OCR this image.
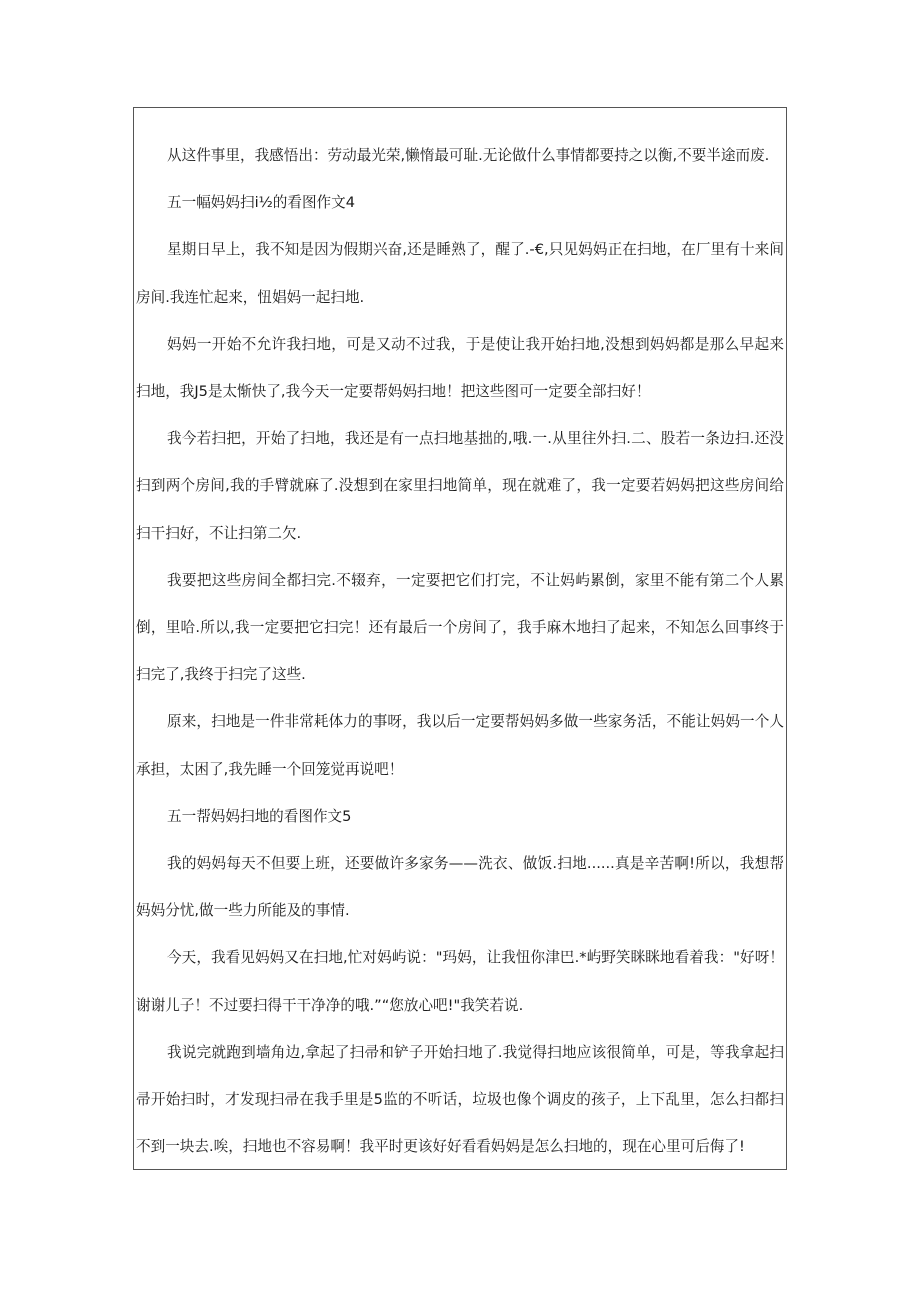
从这件事里，我感悟出：劳动最光荣,懒惰最可耻.无论做什么事情都要持之以衡,不要半途而废.

五一幅妈妈扫i½的看图作文4

星期日早上，我不知是因为假期兴奋,还是睡熟了，醒了.-€,只见妈妈正在扫地，在厂里有十来间房间.我连忙起来，忸娼妈一起扫地.

妈妈一开始不允许我扫地，可是又动不过我，于是使让我开始扫地,没想到妈妈都是那么早起来扫地，我J5是太惭快了,我今天一定要帮妈妈扫地！把这些图可一定要全部扫好！

我今若扫把，开始了扫地，我还是有一点扫地基拙的,哦.一.从里往外扫.二、股若一条边扫.还没扫到两个房间,我的手臂就麻了.没想到在家里扫地简单，现在就难了，我一定要若妈妈把这些房间给扫干扫好，不让扫第二欠.

我要把这些房间全都扫完.不辍弃，一定要把它们打完，不让妈屿累倒，家里不能有第二个人累倒，里哈.所以,我一定要把它扫完！还有最后一个房间了，我手麻木地扫了起来，不知怎么回事终于扫完了,我终于扫完了这些.

原来，扫地是一件非常耗体力的事呀，我以后一定要帮妈妈多做一些家务活，不能让妈妈一个人承担，太困了,我先睡一个回笼觉再说吧！

五一帮妈妈扫地的看图作文5

我的妈妈每天不但要上班，还要做许多家务——洗衣、做饭.扫地......真是辛苦啊!所以，我想帮妈妈分忧,做一些力所能及的事情.

今天，我看见妈妈又在扫地,忙对妈屿说："玛妈，让我忸你津巴.*屿野笑眯眯地看着我："好呀！谢谢儿子！不过要扫得干干净净的哦.”“您放心吧!"我笑若说.

我说完就跑到墙角边,拿起了扫帚和铲子开始扫地了.我觉得扫地应该很简单，可是，等我拿起扫帚开始扫时，才发现扫帚在我手里是5监的不听话，垃圾也像个调皮的孩子，上下乱里，怎么扫都扫不到一块去.唉，扫地也不容易啊！我平时更该好好看看妈妈是怎么扫地的，现在心里可后侮了!
